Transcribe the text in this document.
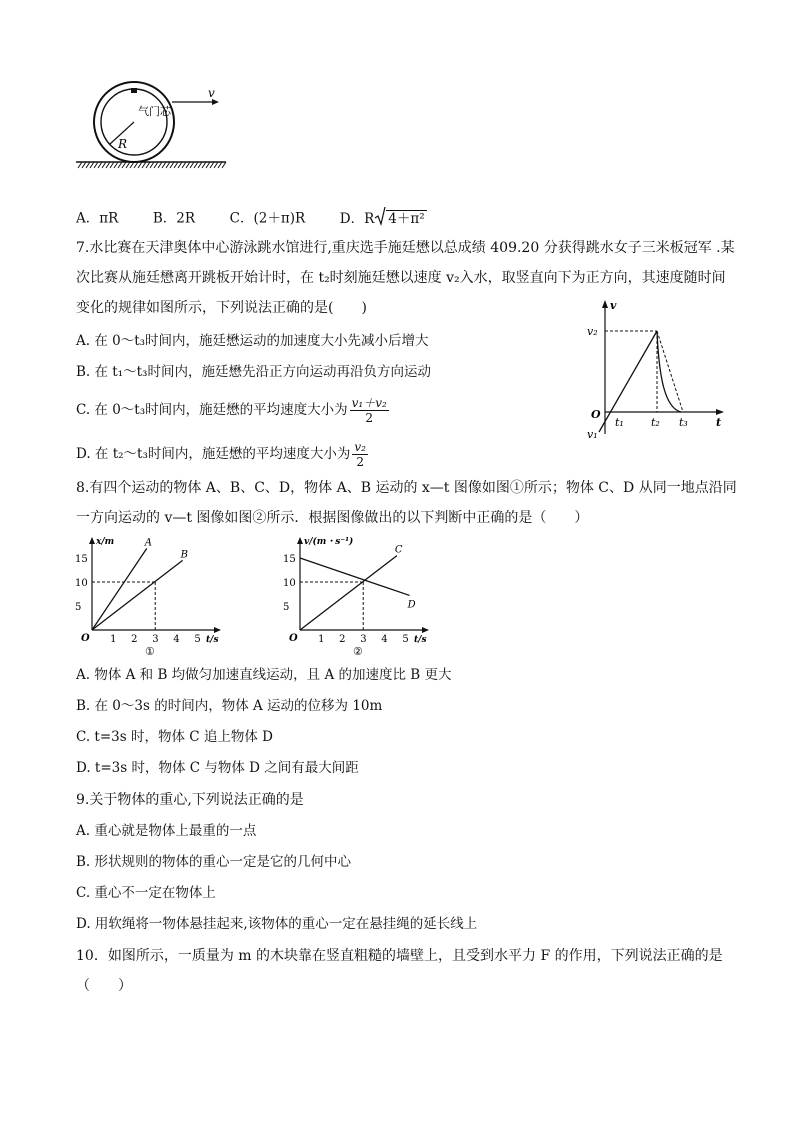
R
气门芯
v
A．πR	B．2R	C．(2＋π)R	D．R 4＋π²
7.水比赛在天津奥体中心游泳跳水馆进行,重庆选手施廷懋以总成绩 409.20 分获得跳水女子三米板冠军 .某
次比赛从施廷懋离开跳板开始计时，在 t₂时刻施廷懋以速度 v₂入水，取竖直向下为正方向，其速度随时间
变化的规律如图所示，下列说法正确的是(　　)
A. 在 0～t₃时间内，施廷懋运动的加速度大小先减小后增大
B. 在 t₁～t₃时间内，施廷懋先沿正方向运动再沿负方向运动
C. 在 0～t₃时间内，施廷懋的平均速度大小为 $\frac{\text{v₁＋v₂}}{2}$
D. 在 t₂～t₃时间内，施廷懋的平均速度大小为 $\frac{\text{v₂}}{2}$
v
t
O
v₂
v₁
t₁ t₂ t₃
8.有四个运动的物体 A、B、C、D，物体 A、B 运动的 x—t 图像如图①所示；物体 C、D 从同一地点沿同
一方向运动的 v—t 图像如图②所示．根据图像做出的以下判断中正确的是（　　）
x/m
t/s
O 1 2 3 4 5
5
10
15
A
B
①
v/(m・s⁻¹)
t/s
O 1 2 3 4 5
5
10
15
C
D
②
A. 物体 A 和 B 均做匀加速直线运动，且 A 的加速度比 B 更大
B. 在 0～3s 的时间内，物体 A 运动的位移为 10m
C. t=3s 时，物体 C 追上物体 D
D. t=3s 时，物体 C 与物体 D 之间有最大间距
9.关于物体的重心,下列说法正确的是
A. 重心就是物体上最重的一点
B. 形状规则的物体的重心一定是它的几何中心
C. 重心不一定在物体上
D. 用软绳将一物体悬挂起来,该物体的重心一定在悬挂绳的延长线上
10．如图所示，一质量为 m 的木块靠在竖直粗糙的墙壁上，且受到水平力 F 的作用，下列说法正确的是
（　　）
